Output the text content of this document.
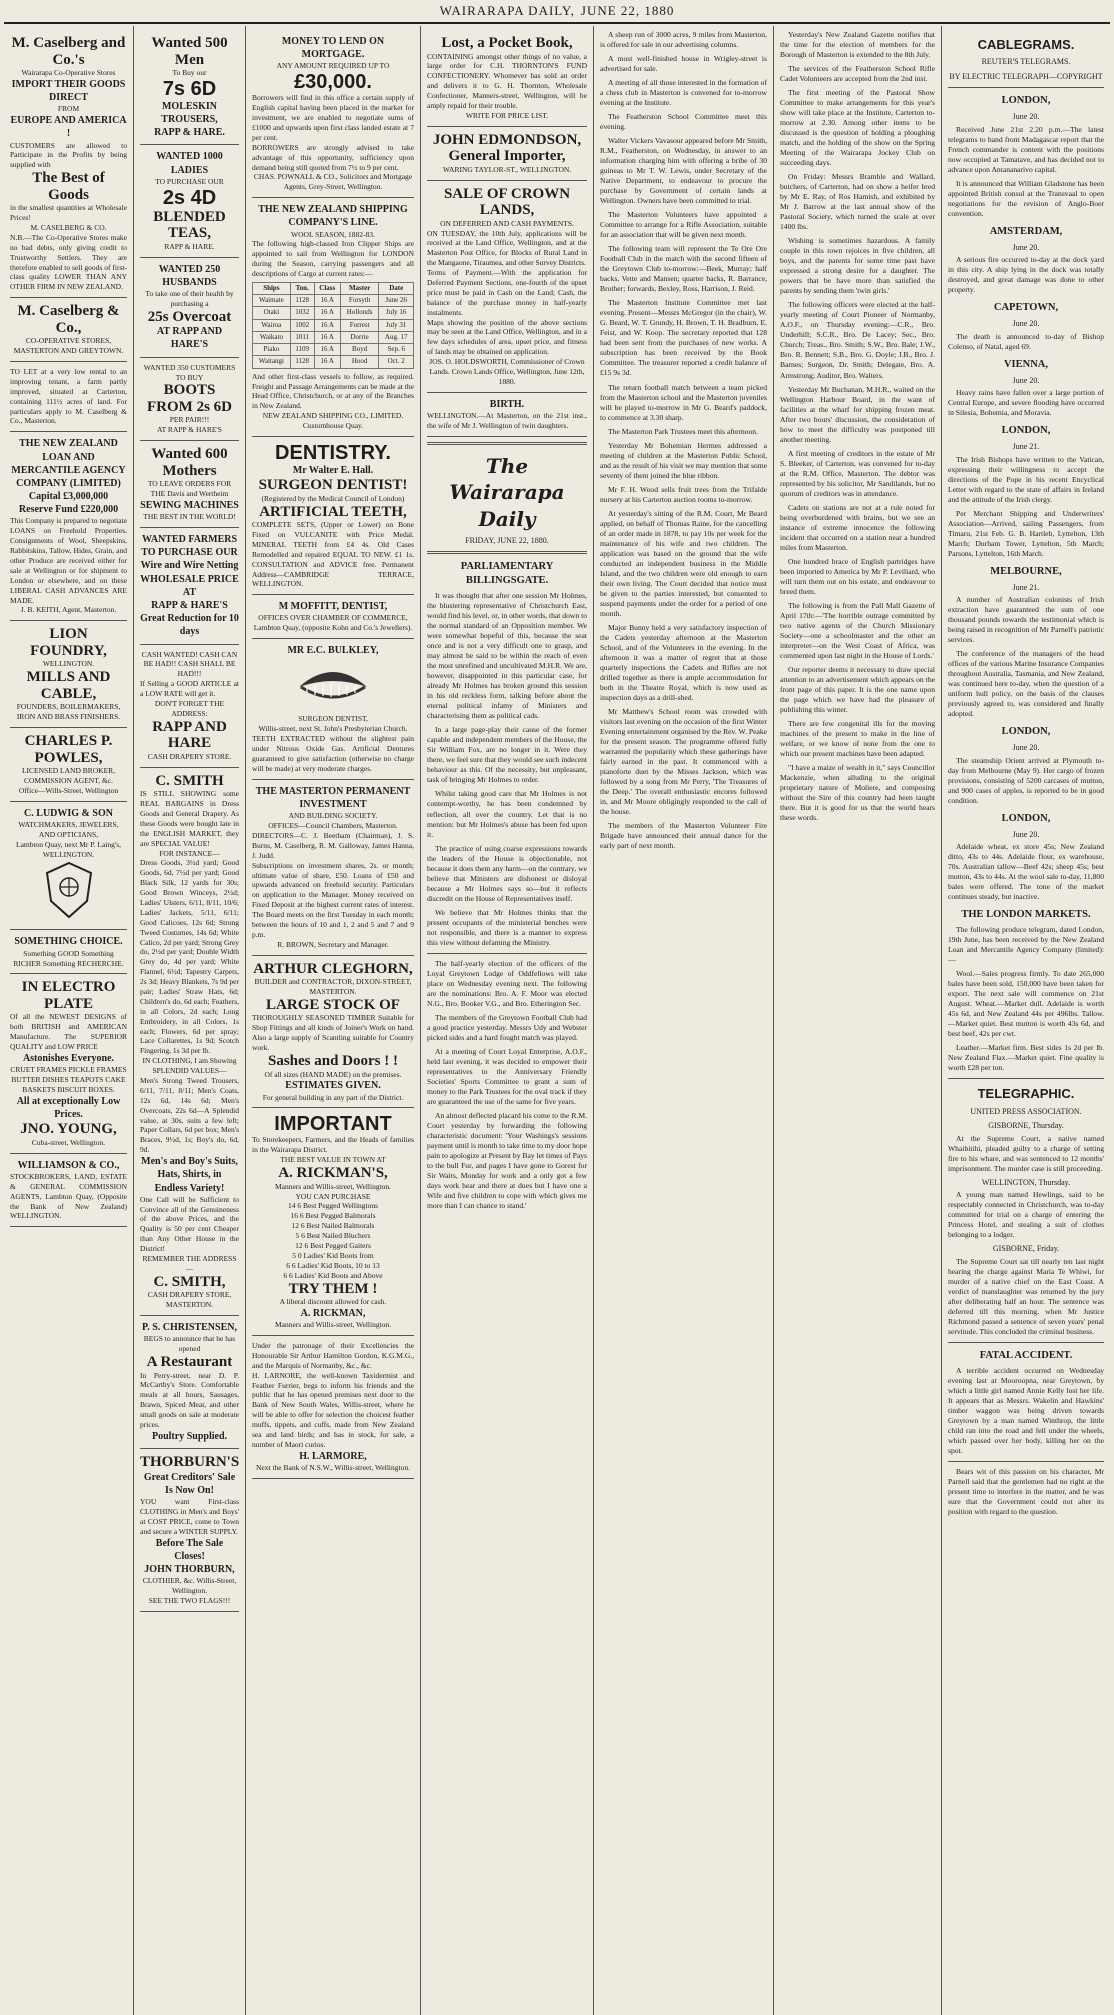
WAIRARAPA DAILY, JUNE 22, 1880
M. Caselberg and Co.'s
Wairarapa Co-Operative Stores
IMPORT THEIR GOODS DIRECT
FROM
EUROPE AND AMERICA !
CUSTOMERS are allowed to Participate in the Profits by being supplied with
The Best of Goods
in the smallest quantities at Wholesale Prices!
M. CASELBERG & CO.
N.B.—The Co-Operative Stores make no bad debts, only giving credit to Trustworthy Settlers. They are therefore enabled to sell goods of first-class quality LOWER THAN ANY OTHER FIRM IN NEW ZEALAND.
M. Caselberg & Co.,
CO-OPERATIVE STORES,
MASTERTON AND GREYTOWN.
TO LET at a very low rental to an improving tenant, a farm partly improved, situated at Carterton, containing 111½ acres of land. For particulars apply to M. Caselberg & Co., Masterton.
THE NEW ZEALAND LOAN AND MERCANTILE AGENCY COMPANY (LIMITED)
Capital £3,000,000
Reserve Fund £220,000
This Company is prepared to negotiate LOANS on Freehold Properties. Consignments of Wool, Sheepskins, Rabbitskins, Tallow, Hides, Grain, and other Produce are received either for sale at Wellington or for shipment to London or elsewhere, and on these LIBERAL CASH ADVANCES ARE MADE.
J. B. KEITH, Agent, Masterton.
LION FOUNDRY,
WELLINGTON.
MILLS AND CABLE,
FOUNDERS, BOILERMAKERS, IRON AND BRASS FINISHERS.
CHARLES P. POWLES,
LICENSED LAND BROKER, COMMISSION AGENT, &c.
Office—Wills-Street, Wellington
C. LUDWIG & SON
WATCHMAKERS, JEWELERS, AND OPTICIANS,
Lambton Quay, next Mr P. Laing's, WELLINGTON.
SOMETHING CHOICE.
Something GOOD Something RICHER Something RECHERCHE.
IN ELECTRO PLATE
Of all the NEWEST DESIGNS of both BRITISH and AMERICAN Manufacture. The SUPERIOR QUALITY and LOW PRICE
Astonishes Everyone.
CRUET FRAMES PICKLE FRAMES BUTTER DISHES TEAPOTS CAKE BASKETS BISCUIT BOXES.
All at exceptionally Low Prices.
JNO. YOUNG,
Cuba-street, Wellington.
WILLIAMSON & CO.,
STOCKBROKERS, LAND, ESTATE & GENERAL COMMISSION AGENTS, Lambton Quay, (Opposite the Bank of New Zealand) WELLINGTON.
Wanted 500 Men
To Buy our
7s 6D
MOLESKIN TROUSERS,
RAPP & HARE.
WANTED 1000 LADIES
TO PURCHASE OUR
2s 4D
BLENDED TEAS,
RAPP & HARE.
WANTED 250 HUSBANDS
To take one of their health by purchasing a
25s Overcoat
AT RAPP AND HARE'S
WANTED 350 CUSTOMERS
TO BUY
BOOTS FROM 2s 6D
PER PAIR!!!
AT RAPP & HARE'S
Wanted 600 Mothers
TO LEAVE ORDERS FOR THE Davis and Wertheim
SEWING MACHINES
THE BEST IN THE WORLD!
WANTED FARMERS TO PURCHASE OUR Wire and Wire Netting
WHOLESALE PRICE AT
RAPP & HARE'S
Great Reduction for 10 days
CASH WANTED! CASH CAN BE HAD!! CASH SHALL BE HAD!!!
If Selling a GOOD ARTICLE at a LOW RATE will get it.
DON'T FORGET THE ADDRESS:
RAPP AND HARE
CASH DRAPERY STORE.
C. SMITH
IS STILL SHOWING some REAL BARGAINS in Dress Goods and General Drapery. As these Goods were bought late in the ENGLISH MARKET, they are SPECIAL VALUE!
FOR INSTANCE—
Dress Goods, 3½d yard; Good Goods, 6d, 7½d per yard; Good Black Silk, 12 yards for 30s; Good Brown Winceys, 2½d; Ladies' Ulsters, 6/11, 8/11, 10/6; Ladies' Jackets, 5/11, 6/11; Good Calicoes, 12s 6d; Strong Tweed Costumes, 14s 6d; White Calico, 2d per yard; Strong Grey do, 2½d per yard; Double Width Grey do, 4d per yard; White Flannel, 6½d; Tapestry Carpets, 2s 3d; Heavy Blankets, 7s 9d per pair; Ladies' Straw Hats, 6d; Children's do, 6d each; Feathers, in all Colors, 2d each; Long Embroidery, in all Colors, 1s each; Flowers, 6d per spray; Lace Collarettes, 1s 9d; Scotch Fingering, 1s 3d per lb.
IN CLOTHING, I am Showing SPLENDID VALUES—
Men's Strong Tweed Trousers, 6/11, 7/11, 8/11; Men's Coats, 12s 6d, 14s 6d; Men's Overcoats, 22s 6d—A Splendid value, at 30s, suits a few left; Paper Collars, 6d per box; Men's Braces, 9½d, 1s; Boy's do, 6d, 9d.
Men's and Boy's Suits, Hats, Shirts, in Endless Variety!
One Call will be Sufficient to Convince all of the Genuineness of the above Prices, and the Quality is 50 per cent Cheaper than Any Other House in the District!
REMEMBER THE ADDRESS—
C. SMITH,
CASH DRAPERY STORE, MASTERTON.
P. S. CHRISTENSEN,
BEGS to announce that he has opened
A Restaurant
In Perry-street, near D. P. McCarthy's Store. Comfortable meals at all hours, Sausages, Brawn, Spiced Meat, and other small goods on sale at moderate prices.
Poultry Supplied.
THORBURN'S
Great Creditors' Sale
Is Now On!
YOU want First-class CLOTHING in Men's and Boys' at COST PRICE, come to Town and secure a WINTER SUPPLY.
Before The Sale Closes!
JOHN THORBURN,
CLOTHIER, &c. Willis-Street, Wellington.
SEE THE TWO FLAGS!!!
MONEY TO LEND ON MORTGAGE.
ANY AMOUNT REQUIRED UP TO
£30,000.
Borrowers will find in this office a certain supply of English capital having been placed in the market for investment, we are enabled to negotiate sums of £1000 and upwards upon first class landed estate at 7 per cent.
BORROWERS are strongly advised to take advantage of this opportunity, sufficiency upon demand being still quoted from 7½ to 9 per cent.
CHAS. POWNALL & CO., Solicitors and Mortgage Agents, Grey-Street, Wellington.
THE NEW ZEALAND SHIPPING COMPANY'S LINE.
WOOL SEASON, 1882-83.
The following high-classed Iron Clipper Ships are appointed to sail from Wellington for LONDON during the Season, carrying passengers and all descriptions of Cargo at current rates:—
Ships	Ton.	Class	Master	Date
Waimate	1128	16 A	Forsyth	June 26
Otaki	1032	16 A	Hollonds	July 16
Wairoa	1002	16 A	Forrest	July 31
Waikato	1011	16 A	Dorrie	Aug. 17
Piako	1109	16 A	Boyd	Sep. 6
Waitangi	1128	16 A	Hood	Oct. 2
And other first-class vessels to follow, as required. Freight and Passage Arrangements can be made at the Head Office, Christchurch, or at any of the Branches in New Zealand.
NEW ZEALAND SHIPPING CO., LIMITED. Customhouse Quay.
DENTISTRY.
Mr Walter E. Hall.
SURGEON DENTIST!
(Registered by the Medical Council of London)
ARTIFICIAL TEETH,
COMPLETE SETS, (Upper or Lower) on Bone Fixed on VULCANITE with Price Medal. MINERAL TEETH from £4 4s. Old Cases Remodelled and repaired EQUAL TO NEW. £1 1s. CONSULTATION and ADVICE free. Permanent Address—CAMBRIDGE TERRACE, WELLINGTON.
M MOFFITT, DENTIST,
OFFICES OVER CHAMBER OF COMMERCE,
Lambton Quay, (opposite Kohn and Co.'s Jewellers).
MR E.C. BULKLEY,
SURGEON DENTIST,
Willis-street, next St. John's Presbyterian Church.
TEETH EXTRACTED without the slightest pain under Nitrous Oxide Gas. Artificial Dentures guaranteed to give satisfaction (otherwise no charge will be made) at very moderate charges.
THE MASTERTON PERMANENT INVESTMENT
AND BUILDING SOCIETY.
OFFICES—Council Chambers, Masterton.
DIRECTORS—C. J. Beetham (Chairman), J. S. Burns, M. Caselberg, R. M. Galloway, James Hanna, J. Judd.
Subscriptions on investment shares, 2s. or month; ultimate value of share, £50. Loans of £50 and upwards advanced on freehold security. Particulars on application to the Manager. Money received on Fixed Deposit at the highest current rates of interest. The Board meets on the first Tuesday in each month; between the hours of 10 and 1, 2 and 5 and 7 and 9 p.m.
R. BROWN, Secretary and Manager.
ARTHUR CLEGHORN,
BUILDER and CONTRACTOR, DIXON-STREET, MASTERTON.
LARGE STOCK OF
THOROUGHLY SEASONED TIMBER Suitable for Shop Fittings and all kinds of Joiner's Work on hand. Also a large supply of Scantling suitable for Country work.
Sashes and Doors ! !
Of all sizes (HAND MADE) on the premises.
ESTIMATES GIVEN.
For general building in any part of the District.
IMPORTANT
To Storekeepers, Farmers, and the Heads of families in the Wairarapa District.
THE BEST VALUE IN TOWN AT
A. RICKMAN'S,
Manners and Willis-street, Wellington.
YOU CAN PURCHASE
14 6 Best Pegged Wellingtons
16 6 Best Pegged Balmorals
12 6 Best Nailed Balmorals
5 6 Best Nailed Bluchers
12 6 Best Pegged Gaiters
5 0 Ladies' Kid Boots from
6 6 Ladies' Kid Boots, 10 to 13
6 6 Ladies' Kid Boots and Above
TRY THEM !
A liberal discount allowed for cash.
A. RICKMAN,
Manners and Willis-street, Wellington.
Under the patronage of their Excellencies the Honourable Sir Arthur Hamilton Gordon, K.G.M.G., and the Marquis of Normanby, &c., &c.
H. LARNORE, the well-known Taxidermist and Feather Furrier, begs to inform his friends and the public that he has opened premises next door to the Bank of New South Wales, Willis-street, where he will be able to offer for selection the choicest feather muffs, tippets, and cuffs, made from New Zealand sea and land birds; and has in stock, for sale, a number of Maori curios.
H. LARMORE,
Next the Bank of N.S.W., Willis-street, Wellington.
Lost, a Pocket Book,
CONTAINING amongst other things of no value, a large order for C.H. THORNTON'S FUND CONFECTIONERY. Whomever has sold an order and delivers it to G. H. Thornton, Wholesale Confectioner, Manners-street, Wellington, will be amply repaid for their trouble.
WRITE FOR PRICE LIST.
JOHN EDMONDSON,
General Importer,
WARING TAYLOR-ST., WELLINGTON.
SALE OF CROWN LANDS,
ON DEFERRED AND CASH PAYMENTS.
ON TUESDAY, the 10th July, applications will be received at the Land Office, Wellington, and at the Masterton Post Office, for Blocks of Rural Land in the Mangaone, Tiraumea, and other Survey Districts.
Terms of Payment.—With the application for Deferred Payment Sections, one-fourth of the upset price must be paid in Cash on the Land; Cash, the balance of the purchase money in half-yearly instalments.
Maps showing the position of the above sections may be seen at the Land Office, Wellington, and in a few days schedules of area, upset price, and fitness of lands may be obtained on application.
JOS. O. HOLDSWORTH, Commissioner of Crown Lands. Crown Lands Office, Wellington, June 12th, 1880.
BIRTH.
WELLINGTON.—At Masterton, on the 21st inst., the wife of Mr J. Wellington of twin daughters.
The Wairarapa Daily
FRIDAY, JUNE 22, 1880.
PARLIAMENTARY BILLINGSGATE.

It was thought that after one session Mr Holmes, the blustering representative of Christchurch East, would find his level, or, in other words, that down to the normal standard of an Opposition member. We were somewhat hopeful of this, because the seat once and is not a very difficult one to grasp, and may almost be said to be within the reach of even the most unrefined and uncultivated M.H.R. We are, however, disappointed in this particular case, for already Mr Holmes has broken ground this session in his old reckless form, talking before about the eternal political infamy of Ministers and characterising them as political cads.

In a large page-play their cause of the former capable and independent members of the House, the Sir William Fox, are no longer in it. Were they there, we feel sure that they would see such indecent behaviour as this. Of the necessity, but unpleasant, task of bringing Mr Holmes to order.

Whilst taking good care that Mr Holmes is not contempt-worthy, he has been condemned by reflection, all over the country. Let that is no mention: but Mr Holmes's abuse has been fed upon it.

The practice of using coarse expressions towards the leaders of the House is objectionable, not because it does them any harm—on the contrary, we believe that Ministers are dishonest or disloyal because a Mr Holmes says so—but it reflects discredit on the House of Representatives itself.

We believe that Mr Holmes thinks that the present occupants of the ministerial benches were not responsible, and there is a manner to express this view without defaming the Ministry.

The half-yearly election of the officers of the Loyal Greytown Lodge of Oddfellows will take place on Wednesday evening next. The following are the nominations: Bro. A. F. Moor was elected N.G., Bro. Booker V.G., and Bro. Etherington Sec.

The members of the Greytown Football Club had a good practice yesterday. Messrs Udy and Webster picked sides and a hard fought match was played.

At a meeting of Court Loyal Enterprise, A.O.F., held last evening, it was decided to empower their representatives to the Anniversary Friendly Societies' Sports Committee to grant a sum of money to the Park Trustees for the oval track if they are guaranteed the use of the same for five years.

An almost deflected placard his come to the R.M. Court yesterday by forwarding the following characteristic document: 'Your Washings's sessions payment until is month to take time to my door hope pain to apologize at Present by Bay let times of Pays to the bull Fur, and pages I have gone to Gorest for Sir Waits, Monday for work and a only got a few days work hear and there at dues but I have one a Wife and five children to cope with which gives me more than I can chance to stand.'

A sheep run of 3000 acres, 9 miles from Masterton, is offered for sale in our advertising columns.

A most well-finished house in Wrigley-street is advertised for sale.

A meeting of all those interested in the formation of a chess club in Masterton is convened for to-morrow evening at the Institute.

The Featherston School Committee meet this evening.

Walter Vickers Vavasour appeared before Mr Smith, R.M., Featherston, on Wednesday, in answer to an information charging him with offering a bribe of 30 guineas to Mr T. W. Lewis, under Secretary of the Native Department, to endeavour to procure the purchase by Government of certain lands at Wellington. Owners have been committed to trial.

The Masterton Volunteers have appointed a Committee to arrange for a Rifle Association, suitable for an association that will be given next month.

The following team will represent the Te Ore Ore Football Club in the match with the second fifteen of the Greytown Club to-morrow:—Beek, Murray; half backs, Vette and Mansen; quarter backs, R. Barrance, Brother; forwards, Bexley, Ross, Harrison, J. Reid.

The Masterton Institute Committee met last evening. Present—Messrs McGregor (in the chair), W. G. Beard, W. T. Grundy, H. Brown, T. H. Bradburn, E. Feist, and W. Koop. The secretary reported that 128 had been sent from the purchases of new works. A subscription has been received by the Book Committee. The treasurer reported a credit balance of £15 9s 3d.

The return football match between a team picked from the Masterton school and the Masterton juveniles will be played to-morrow in Mr G. Beard's paddock, to commence at 3.30 sharp.

The Masterton Park Trustees meet this afternoon.

Yesterday Mr Bohemian Hermes addressed a meeting of children at the Masterton Public School, and as the result of his visit we may mention that some seventy of them joined the blue ribbon.

Mr F. H. Wood sells fruit trees from the Trifalde nursery at his Carterton auction rooms to-morrow.

At yesterday's sitting of the R.M. Court, Mr Beard applied, on behalf of Thomas Raine, for the cancelling of an order made in 1878, to pay 10s per week for the maintenance of his wife and two children. The application was based on the ground that the wife conducted an independent business in the Middle Island, and the two children were old enough to earn their own living. The Court decided that notice must be given to the parties interested, but consented to suspend payments under the order for a period of one month.

Major Bunny held a very satisfactory inspection of the Cadets yesterday afternoon at the Masterton School, and of the Volunteers in the evening. In the afternoon it was a matter of regret that at those quarterly inspections the Cadets and Rifles are not drilled together as there is ample accommodation for both in the Theatre Royal, which is now used as inspection days as a drill-shed.

Mr Matthew's School room was crowded with visitors last evening on the occasion of the first Winter Evening entertainment organised by the Rev. W. Peake for the present season. The programme offered fully warranted the popularity which these gatherings have fairly earned in the past. It commenced with a pianoforte duet by the Misses Jackson, which was followed by a song from Mr Perry, 'The Treasures of the Deep.' The overall enthusiastic encores followed in, and Mr Moore obligingly responded to the call of the house.

The members of the Masterton Volunteer Fire Brigade have announced their annual dance for the early part of next month.

Yesterday's New Zealand Gazette notifies that the time for the election of members for the Borough of Masterton is extended to the 8th July.

The services of the Featherston School Rifle Cadet Volunteers are accepted from the 2nd inst.

The first meeting of the Pastoral Show Committee to make arrangements for this year's show will take place at the Institute, Carterton to-morrow at 2.30. Among other items to be discussed is the question of holding a ploughing match, and the holding of the show on the Spring Meeting of the Wairarapa Jockey Club on succeeding days.

On Friday: Messrs Bramble and Wallard, butchers, of Carterton, had on show a heifer bred by Mr E. Ray, of Ros Hamish, and exhibited by Mr J. Barrow at the last annual show of the Pastoral Society, which turned the scale at over 1400 lbs.

Wishing is sometimes hazardous. A family couple in this town rejoices in five children, all boys, and the parents for some time past have expressed a strong desire for a daughter. The powers that be have more than satisfied the parents by sending them 'twin girls.'

The following officers were elected at the half-yearly meeting of Court Pioneer of Normanby, A.O.F., on Thursday evening:—C.R., Bro. Underhill; S.C.R., Bro. De Lacey; Sec., Bro. Church; Treas., Bro. Smith; S.W., Bro. Bale; J.W., Bro. R. Bennett; S.B., Bro. G. Doyle; J.B., Bro. J. Barnes; Surgeon, Dr. Smith; Delegate, Bro. A. Armstrong; Auditor, Bro. Walters.

Yesterday Mr Buchanan, M.H.R., waited on the Wellington Harbour Board, in the want of facilities at the wharf for shipping frozen meat. After two hours' discussion, the consideration of how to meet the difficulty was postponed till another meeting.

A first meeting of creditors in the estate of Mr S. Bleeker, of Carterton, was convened for to-day at the R.M. Office, Masterton. The debtor was represented by his solicitor, Mr Sandilands, but no quorum of creditors was in attendance.

Cadets on stations are not at a rule noted for being overburdened with brains, but we see an instance of extreme innocence the following incident that occurred on a station near a hundred miles from Masterton.

One hundred brace of English partridges have been imported to America by Mr P. Leviliard, who will turn them out on his estate, and endeavour to breed them.

The following is from the Pall Mall Gazette of April 17th:—'The horrible outrage committed by two native agents of the Church Missionary Society—one a schoolmaster and the other an interpreter—on the West Coast of Africa, was commented upon last night in the House of Lords.'

Our reporter deems it necessary to draw special attention to an advertisement which appears on the front page of this paper. It is the one name upon the page which we have had the pleasure of publishing this winter.

There are few congenital ills for the moving machines of the present to make in the line of welfare, or we know of none from the one to which our present machines have been adapted.

"I have a maize of wealth in it," says Councillor Mackenzie, when alluding to the original proprietary nature of Moliere, and composing without the Sire of this country had been taught there. But it is good for us that the world hears these words.

CABLEGRAMS.
REUTER'S TELEGRAMS.
BY ELECTRIC TELEGRAPH—COPYRIGHT
LONDON,
June 20.

Received June 21st 2.20 p.m.—The latest telegrams to hand from Madagascar report that the French commander is content with the positions now occupied at Tamatave, and has decided not to advance upon Antananarivo capital.

It is announced that William Gladstone has been appointed British consul at the Transvaal to open negotiations for the revision of Anglo-Boer convention.

AMSTERDAM,
June 20.

A serious fire occurred to-day at the dock yard in this city. A ship lying in the dock was totally destroyed, and great damage was done to other property.

CAPETOWN,
June 20.

The death is announced to-day of Bishop Colenso, of Natal, aged 69.

VIENNA,
June 20.

Heavy rains have fallen over a large portion of Central Europe, and severe flooding have occurred in Silesia, Bohemia, and Moravia.

LONDON,
June 21.

The Irish Bishops have written to the Vatican, expressing their willingness to accept the directions of the Pope in his recent Encyclical Letter with regard to the state of affairs in Ireland and the attitude of the Irish clergy.

Per Merchant Shipping and Underwriters' Association—Arrived, sailing Passengers, from Timaru, 21st Feb. G. B. Hartleb, Lyttelton, 13th March; Durham Tower, Lyttelton, 5th March; Parsons, Lyttelton, 16th March.

MELBOURNE,
June 21.

A number of Australian colonists of Irish extraction have guaranteed the sum of one thousand pounds towards the testimonial which is being raised in recognition of Mr Parnell's patriotic services.

The conference of the managers of the head offices of the various Marine Insurance Companies throughout Australia, Tasmania, and New Zealand, was continued here to-day, when the question of a uniform hull policy, on the basis of the clauses previously agreed to, was considered and finally adopted.

LONDON,
June 20.

The steamship Orient arrived at Plymouth to-day from Melbourne (May 9). Her cargo of frozen provisions, consisting of 5200 carcases of mutton, and 900 cases of apples, is reported to be in good condition.

LONDON,
June 20.

Adelaide wheat, ex store 45s; New Zealand ditto, 43s to 44s. Adelaide flour, ex warehouse, 70s. Australian tallow—Beef 42s; sheep 45s; best mutton, 43s to 44s. At the wool sale to-day, 11,800 bales were offered. The tone of the market continues steady, but inactive.

THE LONDON MARKETS.

The following produce telegram, dated London, 19th June, has been received by the New Zealand Loan and Mercantile Agency Company (limited):—

Wool.—Sales progress firmly. To date 265,000 bales have been sold, 150,000 have been taken for export. The next sale will commence on 21st August. Wheat.—Market dull. Adelaide is worth 45s 6d, and New Zealand 44s per 496lbs. Tallow.—Market quiet. Best mutton is worth 43s 6d, and best beef, 42s per cwt.

Leather.—Market firm. Best sides 1s 2d per lb. New Zealand Flax.—Market quiet. Fine quality is worth £28 per ton.

TELEGRAPHIC.
UNITED PRESS ASSOCIATION.
GISBORNE, Thursday.

At the Supreme Court, a native named Whaibitihi, pleaded guilty to a charge of setting fire to his whare, and was sentenced to 12 months' imprisonment. The murder case is still proceeding.

WELLINGTON, Thursday.

A young man named Hewlings, said to be respectably connected in Christchurch, was to-day committed for trial on a charge of entering the Princess Hotel, and stealing a suit of clothes belonging to a lodger.

GISBORNE, Friday.

The Supreme Court sat till nearly ten last night hearing the charge against Maria Te Whiwi, for murder of a native chief on the East Coast. A verdict of manslaughter was returned by the jury after deliberating half an hour. The sentence was deferred till this morning, when Mr Justice Richmond passed a sentence of seven years' penal servitude. This concluded the criminal business.

FATAL ACCIDENT.

A terrible accident occurred on Wednesday evening last at Mooroopna, near Greytown, by which a little girl named Annie Kelly lost her life. It appears that as Messrs. Wakelin and Hawkins' timber waggon was being driven towards Greytown by a man named Winthrop, the little child ran into the road and fell under the wheels, which passed over her body, killing her on the spot.

Bears wit of this passion on his character, Mr Parnell said that the gentlemen had no right at the present time to interfere in the matter, and he was sure that the Government could not alter its position with regard to the question.
